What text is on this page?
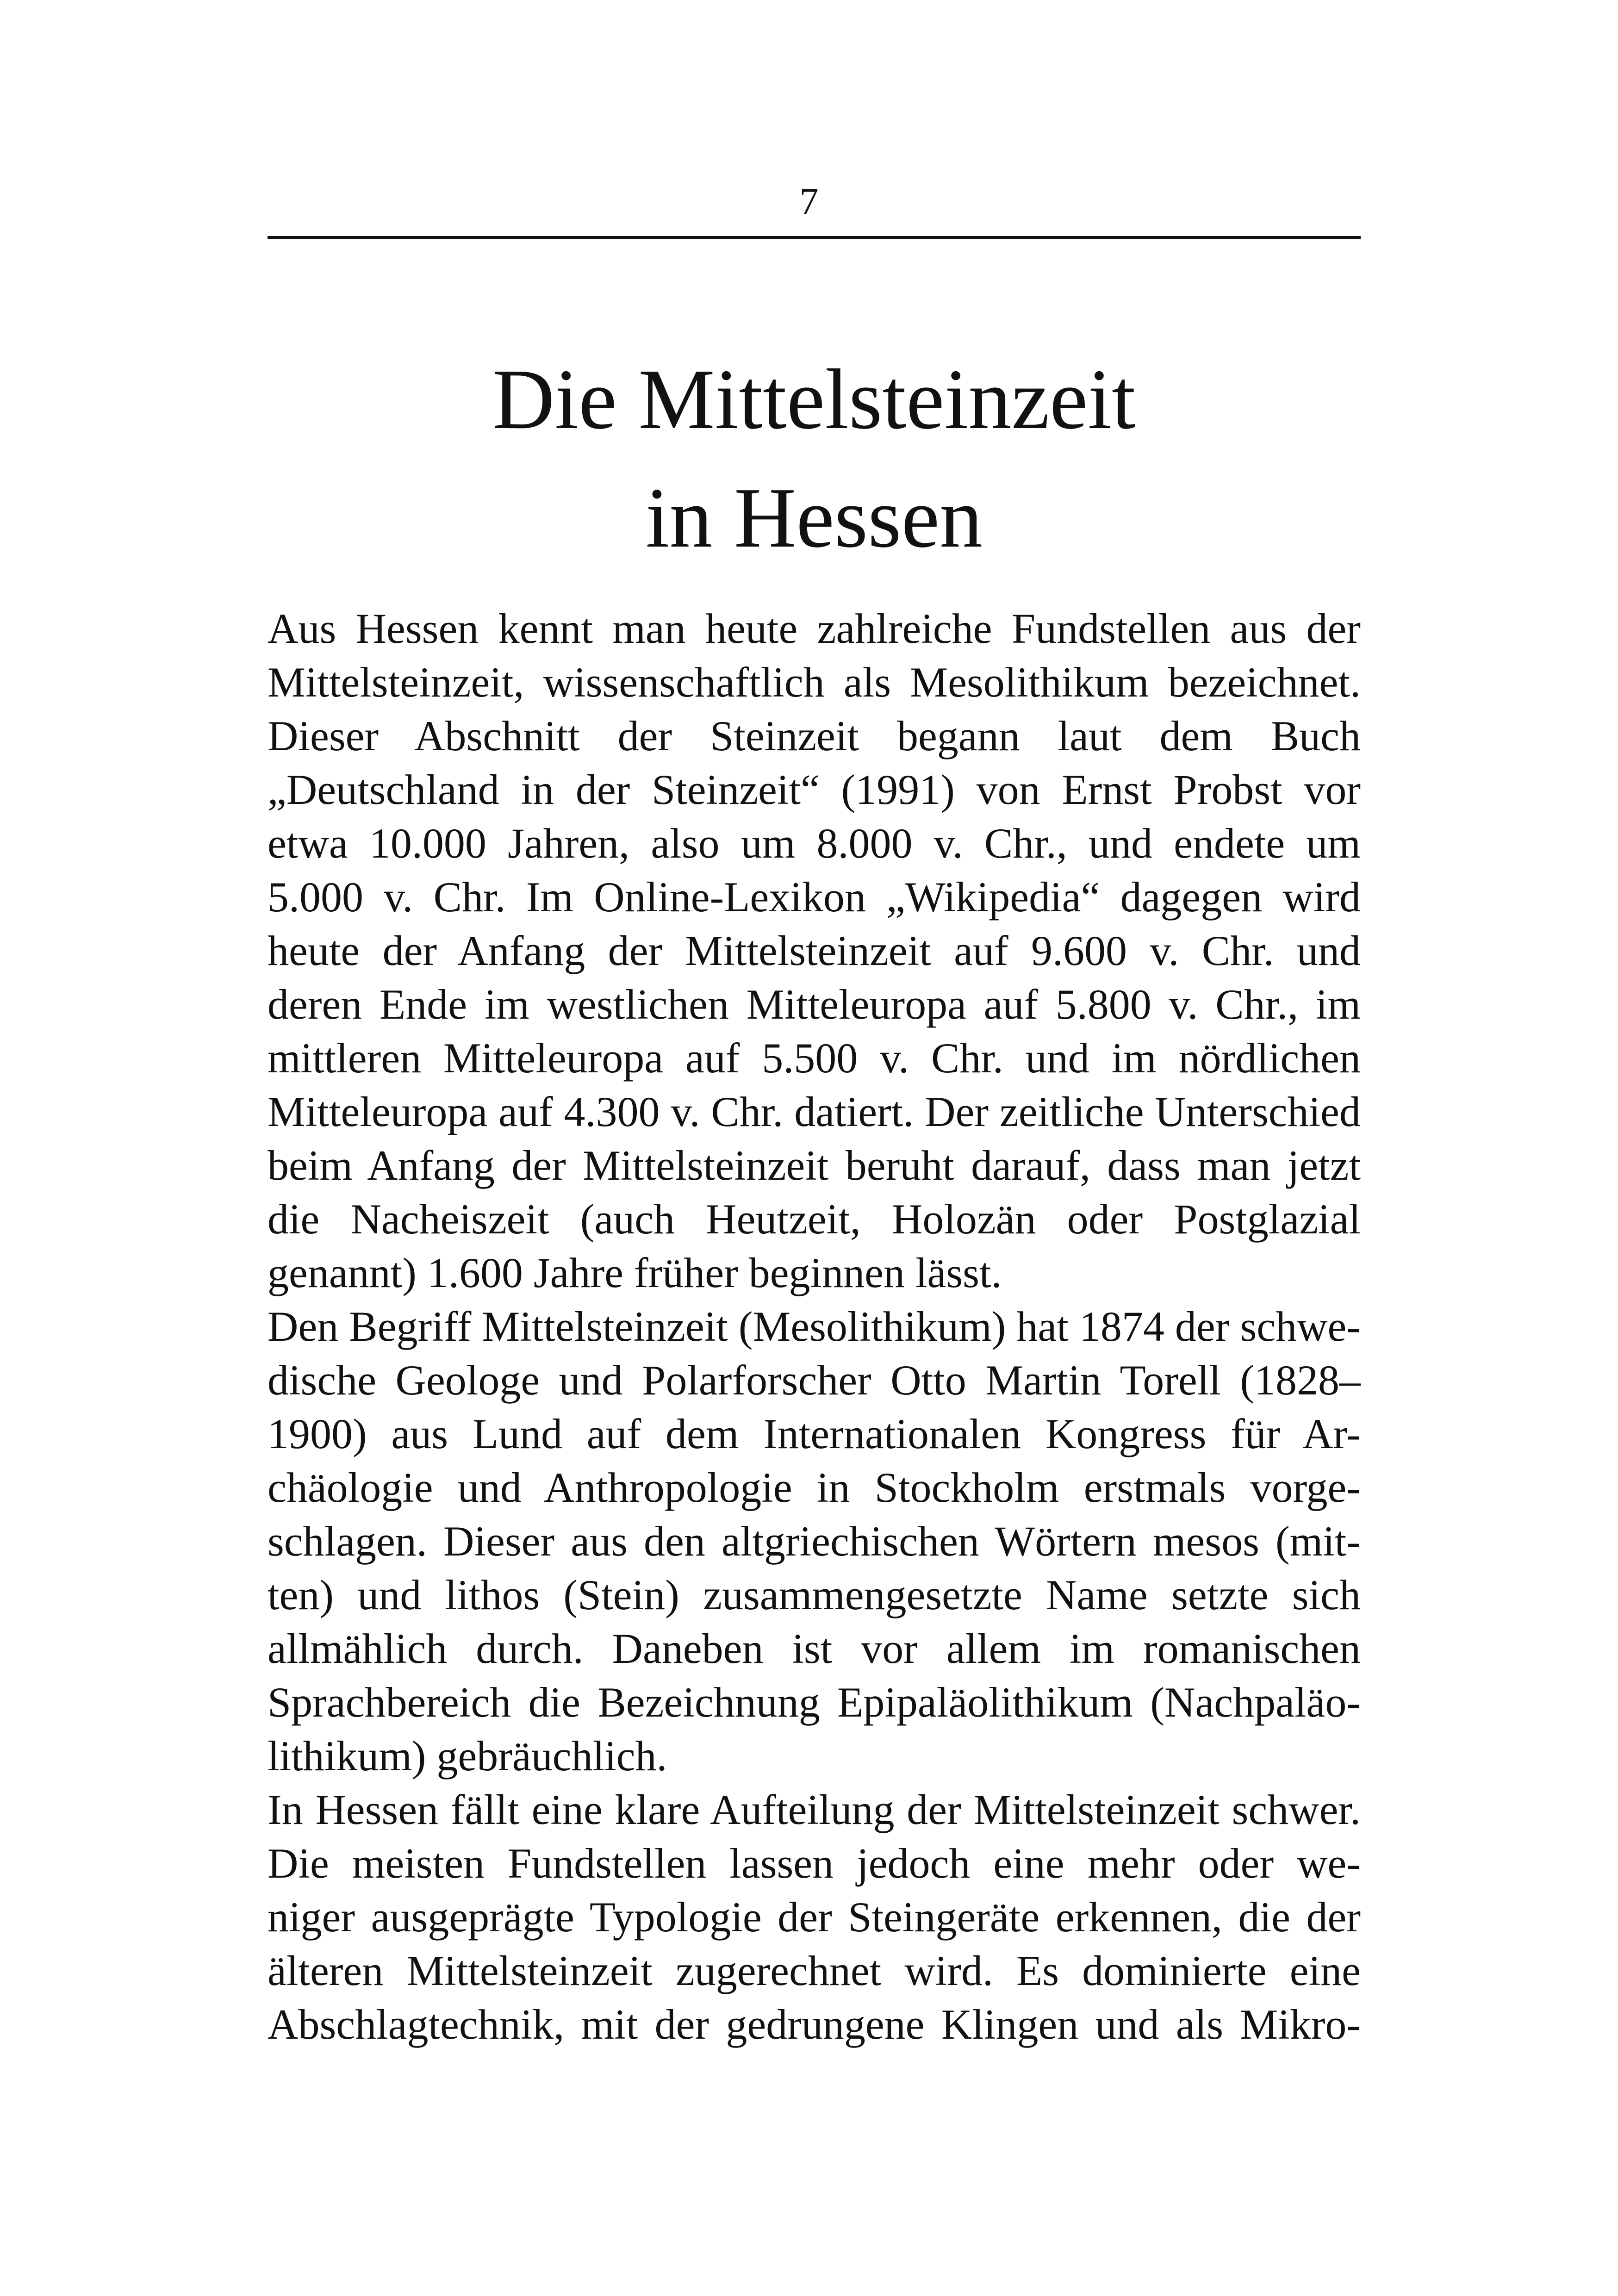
7
Die Mittelsteinzeit
in Hessen
Aus Hessen kennt man heute zahlreiche Fundstellen aus der
Mittelsteinzeit, wissenschaftlich als Mesolithikum bezeichnet.
Dieser Abschnitt der Steinzeit begann laut dem Buch
„Deutschland in der Steinzeit“ (1991) von Ernst Probst vor
etwa 10.000 Jahren, also um 8.000 v. Chr., und endete um
5.000 v. Chr. Im Online-Lexikon „Wikipedia“ dagegen wird
heute der Anfang der Mittelsteinzeit auf 9.600 v. Chr. und
deren Ende im westlichen Mitteleuropa auf 5.800 v. Chr., im
mittleren Mitteleuropa auf 5.500 v. Chr. und im nördlichen
Mitteleuropa auf 4.300 v. Chr. datiert. Der zeitliche Unterschied
beim Anfang der Mittelsteinzeit beruht darauf, dass man jetzt
die Nacheiszeit (auch Heutzeit, Holozän oder Postglazial
genannt) 1.600 Jahre früher beginnen lässt.
Den Begriff Mittelsteinzeit (Mesolithikum) hat 1874 der schwe-
dische Geologe und Polarforscher Otto Martin Torell (1828–
1900) aus Lund auf dem Internationalen Kongress für Ar-
chäologie und Anthropologie in Stockholm erstmals vorge-
schlagen. Dieser aus den altgriechischen Wörtern mesos (mit-
ten) und lithos (Stein) zusammengesetzte Name setzte sich
allmählich durch. Daneben ist vor allem im romanischen
Sprachbereich die Bezeichnung Epipaläolithikum (Nachpaläo-
lithikum) gebräuchlich.
In Hessen fällt eine klare Aufteilung der Mittelsteinzeit schwer.
Die meisten Fundstellen lassen jedoch eine mehr oder we-
niger ausgeprägte Typologie der Steingeräte erkennen, die der
älteren Mittelsteinzeit zugerechnet wird. Es dominierte eine
Abschlagtechnik, mit der gedrungene Klingen und als Mikro-
